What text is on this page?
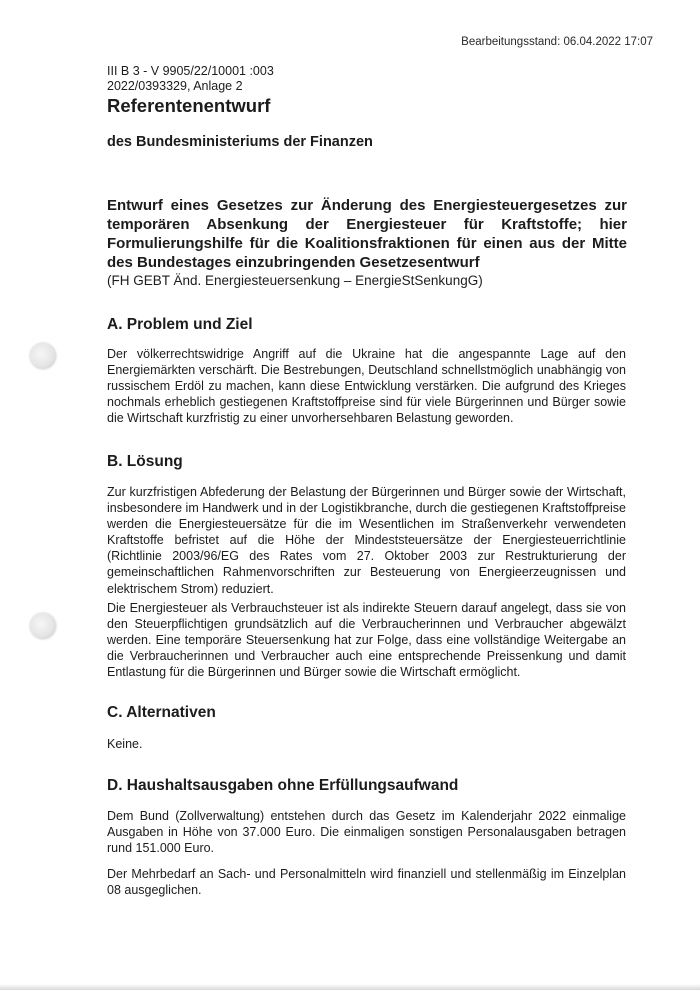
Bearbeitungsstand: 06.04.2022 17:07
III B 3 - V 9905/22/10001 :003
2022/0393329, Anlage 2
Referentenentwurf
des Bundesministeriums der Finanzen

Entwurf eines Gesetzes zur Änderung des Energiesteuergesetzes zur temporären Absenkung der Energiesteuer für Kraftstoffe; hier Formulierungshilfe für die Koalitionsfraktionen für einen aus der Mitte des Bundestages einzubringenden Gesetzesentwurf

(FH GEBT Änd. Energiesteuersenkung – EnergieStSenkungG)
A. Problem und Ziel

Der völkerrechtswidrige Angriff auf die Ukraine hat die angespannte Lage auf den Energiemärkten verschärft. Die Bestrebungen, Deutschland schnellstmöglich unabhängig von russischem Erdöl zu machen, kann diese Entwicklung verstärken. Die aufgrund des Krieges nochmals erheblich gestiegenen Kraftstoffpreise sind für viele Bürgerinnen und Bürger sowie die Wirtschaft kurzfristig zu einer unvorhersehbaren Belastung geworden.

B. Lösung

Zur kurzfristigen Abfederung der Belastung der Bürgerinnen und Bürger sowie der Wirtschaft, insbesondere im Handwerk und in der Logistikbranche, durch die gestiegenen Kraftstoffpreise werden die Energiesteuersätze für die im Wesentlichen im Straßenverkehr verwendeten Kraftstoffe befristet auf die Höhe der Mindeststeuersätze der Energiesteuerrichtlinie (Richtlinie 2003/96/EG des Rates vom 27. Oktober 2003 zur Restrukturierung der gemeinschaftlichen Rahmenvorschriften zur Besteuerung von Energieerzeugnissen und elektrischem Strom) reduziert.

Die Energiesteuer als Verbrauchsteuer ist als indirekte Steuern darauf angelegt, dass sie von den Steuerpflichtigen grundsätzlich auf die Verbraucherinnen und Verbraucher abgewälzt werden. Eine temporäre Steuersenkung hat zur Folge, dass eine vollständige Weitergabe an die Verbraucherinnen und Verbraucher auch eine entsprechende Preissenkung und damit Entlastung für die Bürgerinnen und Bürger sowie die Wirtschaft ermöglicht.

C. Alternativen

Keine.

D. Haushaltsausgaben ohne Erfüllungsaufwand

Dem Bund (Zollverwaltung) entstehen durch das Gesetz im Kalenderjahr 2022 einmalige Ausgaben in Höhe von 37.000 Euro. Die einmaligen sonstigen Personalausgaben betragen rund 151.000 Euro.

Der Mehrbedarf an Sach- und Personalmitteln wird finanziell und stellenmäßig im Einzelplan 08 ausgeglichen.
